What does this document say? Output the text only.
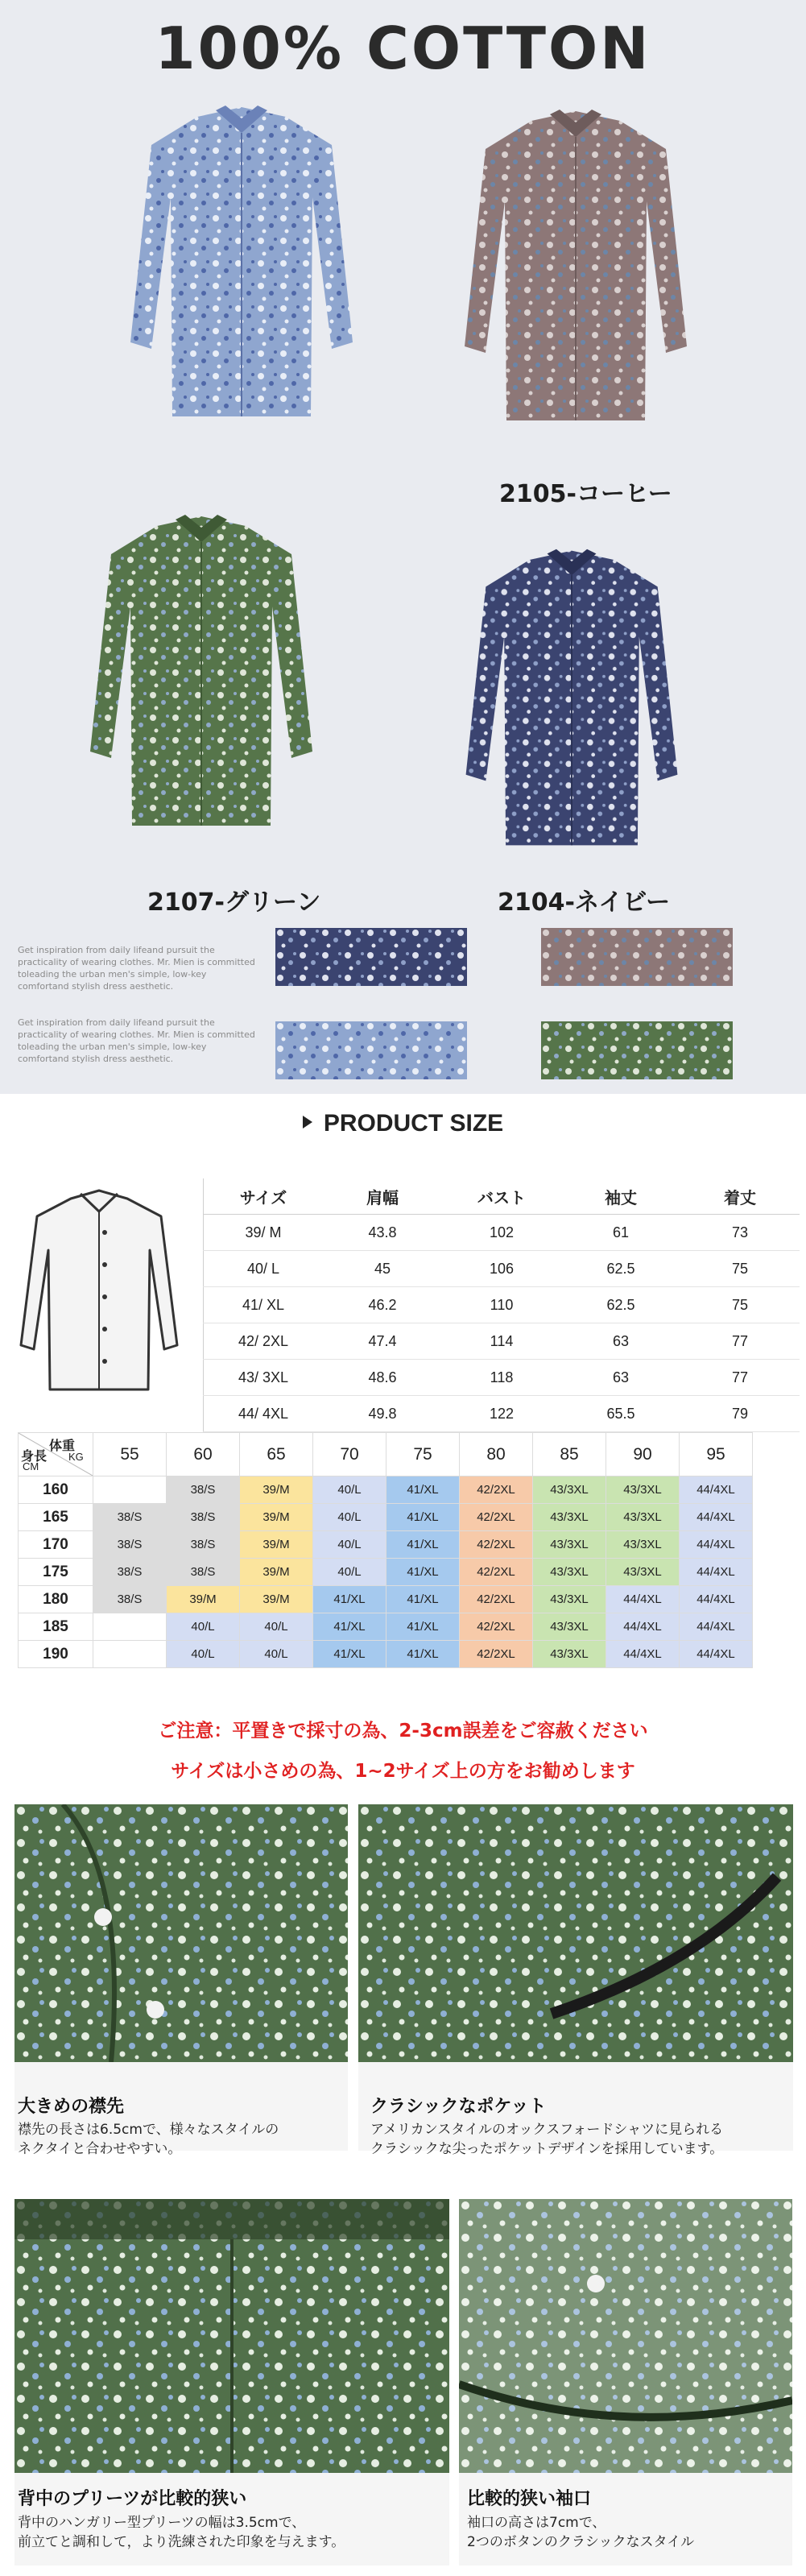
100% COTTON
2105-コーヒー
2107-グリーン	2104-ネイビー
Get inspiration from daily lifeand pursuit the practicality of wearing clothes. Mr. Mien is committed toleading the urban men's simple, low-key comfortand stylish dress aesthetic.
Get inspiration from daily lifeand pursuit the practicality of wearing clothes. Mr. Mien is committed toleading the urban men's simple, low-key comfortand stylish dress aesthetic.
PRODUCT SIZE
サイズ	肩幅	バスト	袖丈	着丈
39/ M	43.8	102	61	73
40/ L	45	106	62.5	75
41/ XL	46.2	110	62.5	75
42/ 2XL	47.4	114	63	77
43/ 3XL	48.6	118	63	77
44/ 4XL	49.8	122	65.5	79
体重
KG
身長
CM	55	60	65	70	75	80	85	90	95
160		38/S	39/M	40/L	41/XL	42/2XL	43/3XL	43/3XL	44/4XL
165	38/S	38/S	39/M	40/L	41/XL	42/2XL	43/3XL	43/3XL	44/4XL
170	38/S	38/S	39/M	40/L	41/XL	42/2XL	43/3XL	43/3XL	44/4XL
175	38/S	38/S	39/M	40/L	41/XL	42/2XL	43/3XL	43/3XL	44/4XL
180	38/S	39/M	39/M	41/XL	41/XL	42/2XL	43/3XL	44/4XL	44/4XL
185		40/L	40/L	41/XL	41/XL	42/2XL	43/3XL	44/4XL	44/4XL
190		40/L	40/L	41/XL	41/XL	42/2XL	43/3XL	44/4XL	44/4XL
ご注意：平置きで採寸の為、2-3cm誤差をご容赦ください
サイズは小さめの為、1~2サイズ上の方をお勧めします
大きめの襟先
襟先の長さは6.5cmで、様々なスタイルの
ネクタイと合わせやすい。
クラシックなポケット
アメリカンスタイルのオックスフォードシャツに見られる
クラシックな尖ったポケットデザインを採用しています。
背中のプリーツが比較的狭い
背中のハンガリー型プリーツの幅は3.5cmで、
前立てと調和して，より洗練された印象を与えます。
比較的狭い袖口
袖口の高さは7cmで、
2つのボタンのクラシックなスタイル
